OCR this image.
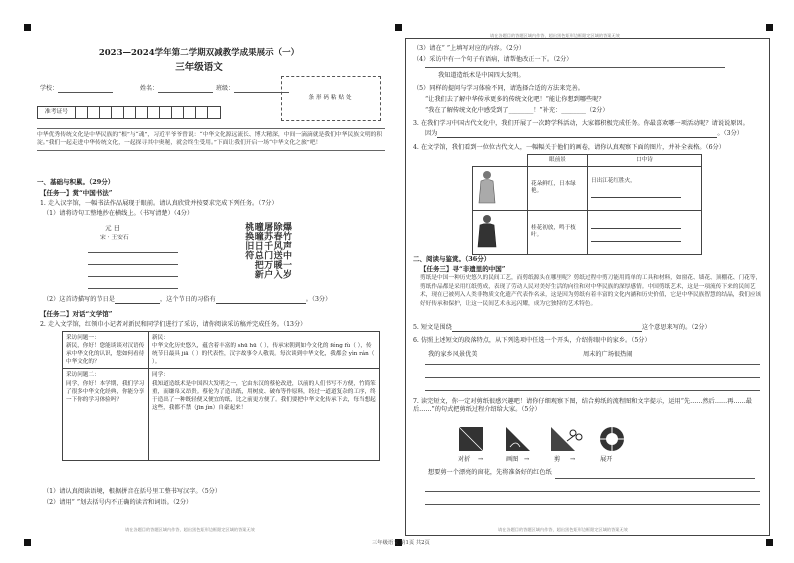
请在各题目的答题区域内作答，超出黑色矩形边框限定区域的答案无效
2023—2024学年第二学期双减教学成果展示（一）
三年级语文
学校：	姓名：	班级：
条形码粘贴处
准考证号
中华优秀传统文化是中华民族的“根”与“魂”，习近平爷爷曾说：“中华文化源远流长、博大精深，中间一滴滴就是我们中华民族文明的积淀。”我们一起走进中华传统文化，一起探寻其中奥秘，就会终生受用。”下面让我们开启一场“中华文化之旅”吧！
一、基础与积累。（29分）
【任务一】赏“中国书法”
1. 走入汉字馆，一幅书法作品展现于眼前。请认真欣赏并按要求完成下列任务。（7分）
（1）请将诗句工整地抄在横线上。（书写清楚）（4分）
元 日
宋 · 王安石	爆竹声中一岁除春风送暖入屠苏千门万户曈曈日总把新桃换旧符
（2）这首诗描写的节日是	，这个节日的习俗有	。（3分）
【任务二】对话“文学馆”
2. 走入文学馆，红领巾小记者对新民和同学们进行了采访，请你阅读采访稿并完成任务。（13分）
采访问题一：
新民，你好！您能谈谈对汉语传承中华文化的认识，您如何看待中华文化的？	新民：
中华文化历史悠久，蕴含着丰富的 shū hū（ ），传承宋朝到如今文化的 féng fù（ ），传统节日最具 jiā（ ）的代表性，汉字故事令人敬畏。每次谈到中华文化，我都会 yìn rán（ ）。
采访问题二：
同学，你好！本学期，我们学习了很多中华文化经典，你能分享一下你的学习体验吗？	同学：
我知道造纸术是中国四大发明之一，它由东汉的蔡伦改进，以前的人们书写不方便，竹简笨重，而缣帛又昂贵。蔡伦为了造出纸，用树皮、破布等作原料，经过一道道复杂的工序，终于造出了一种既轻便又便宜的纸，比之前更方便了。我们要把中华文化传承下去，每当想起这些，我都不禁（jīn jìn）自豪起来！
（1）请认真阅读语境，根据拼音在括号里工整书写汉字。（5分）
（2）请用“ ”划去括号内不正确的读音和词语。（2分）
请在各题目的答题区域内作答，超出黑色矩形边框限定区域的答案无效
（3）请在“ ”上填写对应的内容。（2分）
（4）采访中有一个句子有语病，请帮他改正一下。（2分）
我知道造纸术是中国四大发明。
（5）同样的提问与学习体验不同，请选择合适的方法来完善。
“让我们去了解中华传承更多的传统文化吧！”能让你想到哪些呢？
“我在了解传统文化中感受到了________！”补充：________（2分）
3. 在我们学习中国古代文化中，我们开展了一次跨学科活动，大家都积极完成任务。你最喜欢哪一项活动呢？请说说原因。
因为	。（3分）
4. 在文学馆，我们看到一位位古代文人，一幅幅关于他们的画卷，请你认真观察下面的图片，并补全表格。（6分）
	眼前景	口中诗
	花朵鲜红，日本绿艳。	日出江花红胜火，

	桂花初放，鸣于枝叶。	
二、阅读与鉴赏。（36分）
【任务三】寻“非遗里的中国”
剪纸是中国一种历史悠久的民间工艺，而剪纸源头在哪里呢？剪纸过程中剪刀能用简单的工具和材料，如窗花、墙花、顶棚花、门花等，剪纸作品都是采用红纸剪成，表现了劳动人民对美好生活的向往和对中华民族的深厚感情。中国剪纸艺术，这是一项流传下来的民间艺术，现在已被列入人类非物质文化遗产代表作名录，这是因为剪纸有着丰富的文化内涵和历史价值，它是中华民族智慧的结晶，我们应该好好传承和保护，让这一民间艺术永远闪耀，成为它独特的艺术特色。
5. 短文是围绕	这个意思来写的。（2分）
6. 仿照上述短文的段落特点，从下列选项中任选一个开头，介绍你眼中的家乡。（5分）
我的家乡风景优美	周末的广场很热闹
7. 读完短文，你一定对剪纸很感兴趣吧！请你仔细观察下图，结合剪纸的流程图和文字提示，运用“先……然后……再……最后……”的句式把剪纸过程介绍给大家。（5分）
对折 →	画图 →	剪 →	展开
想要剪一个漂亮的窗花，先将准备好的红色纸
请在各题目的答题区域内作答，超出黑色矩形边框限定区域的答案无效
三年级语文 第1页 共2页
